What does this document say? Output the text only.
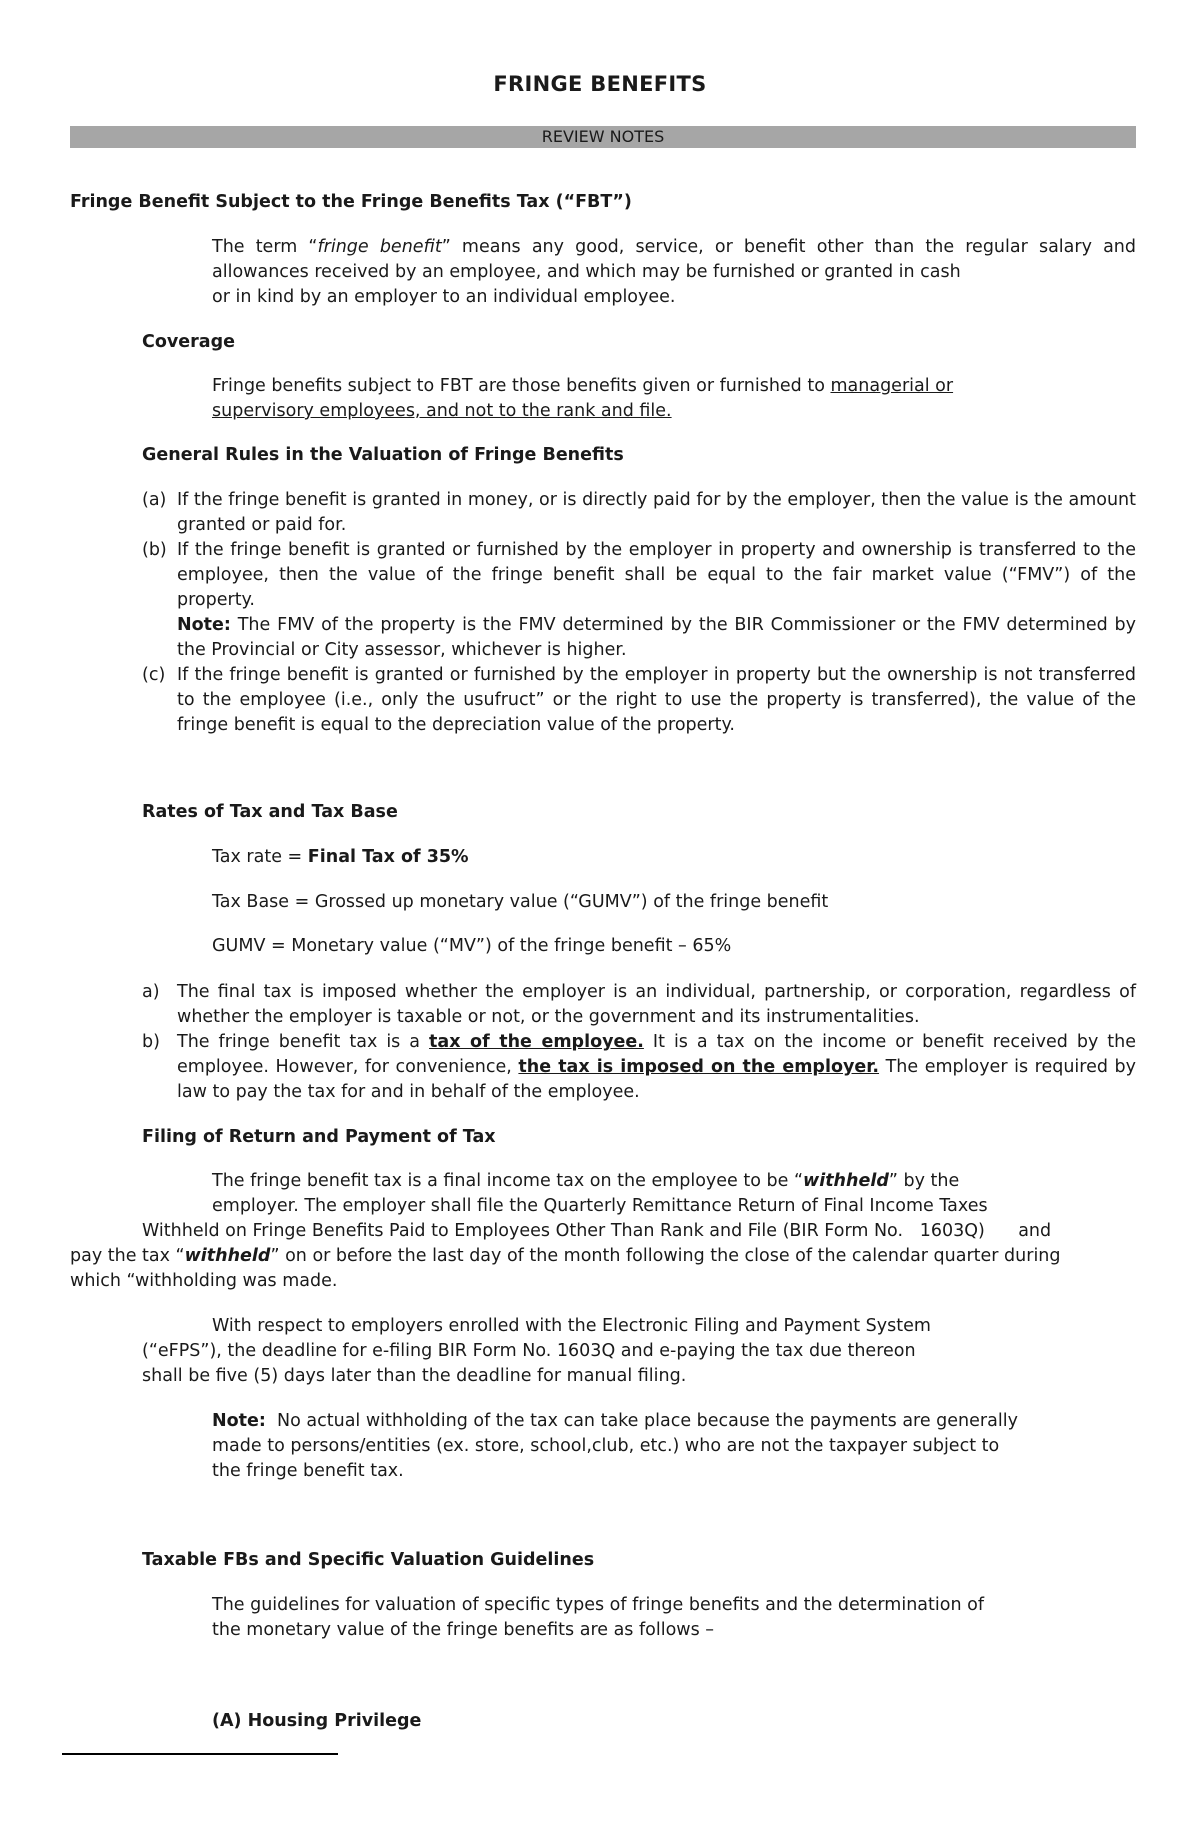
FRINGE BENEFITS
REVIEW NOTES
Fringe Benefit Subject to the Fringe Benefits Tax (“FBT”)
The term “fringe benefit” means any good, service, or benefit other than the regular salary and allowances received by an employee, and which may be furnished or granted in cash
or in kind by an employer to an individual employee.
Coverage
Fringe benefits subject to FBT are those benefits given or furnished to managerial or supervisory employees, and not to the rank and file.
General Rules in the Valuation of Fringe Benefits
(a) If the fringe benefit is granted in money, or is directly paid for by the employer, then the value is the amount granted or paid for.
(b) If the fringe benefit is granted or furnished by the employer in property and ownership is transferred to the employee, then the value of the fringe benefit shall be equal to the fair market value (“FMV”) of the property.
Note: The FMV of the property is the FMV determined by the BIR Commissioner or the FMV determined by the Provincial or City assessor, whichever is higher.
(c) If the fringe benefit is granted or furnished by the employer in property but the ownership is not transferred to the employee (i.e., only the usufruct” or the right to use the property is transferred), the value of the fringe benefit is equal to the depreciation value of the property.
Rates of Tax and Tax Base
Tax rate = Final Tax of 35%
Tax Base = Grossed up monetary value (“GUMV”) of the fringe benefit
GUMV = Monetary value (“MV”) of the fringe benefit – 65%
a) The final tax is imposed whether the employer is an individual, partnership, or corporation, regardless of whether the employer is taxable or not, or the government and its instrumentalities.
b) The fringe benefit tax is a tax of the employee. It is a tax on the income or benefit received by the employee. However, for convenience, the tax is imposed on the employer. The employer is required by law to pay the tax for and in behalf of the employee.
Filing of Return and Payment of Tax
The fringe benefit tax is a final income tax on the employee to be “withheld” by the
employer. The employer shall file the Quarterly Remittance Return of Final Income Taxes
Withheld on Fringe Benefits Paid to Employees Other Than Rank and File (BIR Form No.   1603Q)      and
pay the tax “withheld” on or before the last day of the month following the close of the calendar quarter during
which “withholding was made.
With respect to employers enrolled with the Electronic Filing and Payment System
(“eFPS”), the deadline for e-filing BIR Form No. 1603Q and e-paying the tax due thereon
shall be five (5) days later than the deadline for manual filing.
Note:  No actual withholding of the tax can take place because the payments are generally
made to persons/entities (ex. store, school,club, etc.) who are not the taxpayer subject to
the fringe benefit tax.
Taxable FBs and Specific Valuation Guidelines
The guidelines for valuation of specific types of fringe benefits and the determination of
the monetary value of the fringe benefits are as follows –
(A) Housing Privilege
